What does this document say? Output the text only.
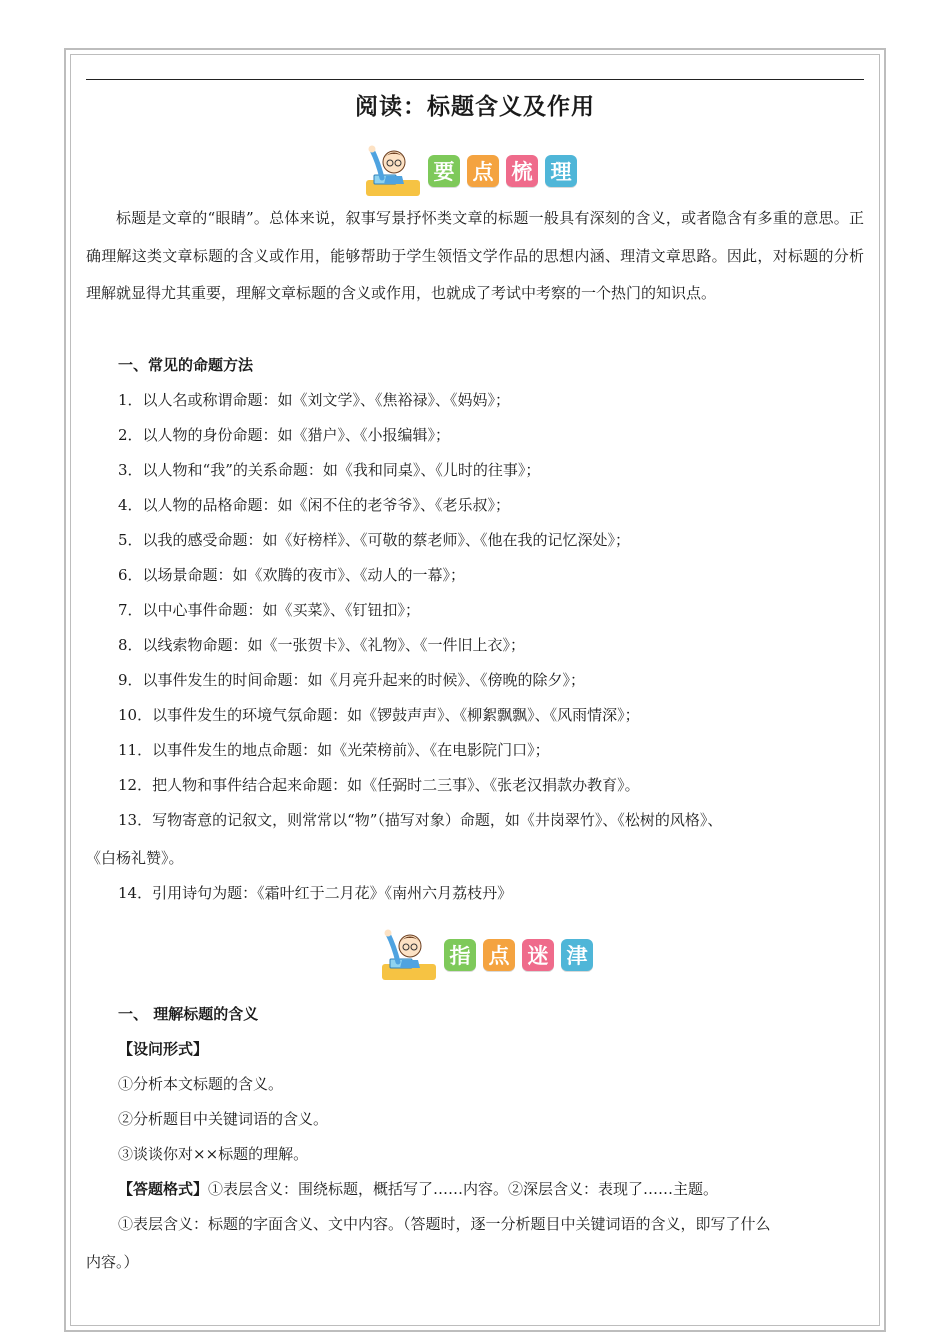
阅读：标题含义及作用
要 点 梳 理

标题是文章的“眼睛”。总体来说，叙事写景抒怀类文章的标题一般具有深刻的含义，或者隐含有多重的意思。正确理解这类文章标题的含义或作用，能够帮助于学生领悟文学作品的思想内涵、理清文章思路。因此，对标题的分析理解就显得尤其重要，理解文章标题的含义或作用，也就成了考试中考察的一个热门的知识点。

一、常见的命题方法
1．以人名或称谓命题：如《刘文学》、《焦裕禄》、《妈妈》；
2．以人物的身份命题：如《猎户》、《小报编辑》；
3．以人物和“我”的关系命题：如《我和同桌》、《儿时的往事》；
4．以人物的品格命题：如《闲不住的老爷爷》、《老乐叔》；
5．以我的感受命题：如《好榜样》、《可敬的蔡老师》、《他在我的记忆深处》；
6．以场景命题：如《欢腾的夜市》、《动人的一幕》；
7．以中心事件命题：如《买菜》、《钉钮扣》；
8．以线索物命题：如《一张贺卡》、《礼物》、《一件旧上衣》；
9．以事件发生的时间命题：如《月亮升起来的时候》、《傍晚的除夕》；
10．以事件发生的环境气氛命题：如《锣鼓声声》、《柳絮飘飘》、《风雨情深》；
11．以事件发生的地点命题：如《光荣榜前》、《在电影院门口》；
12．把人物和事件结合起来命题：如《任弼时二三事》、《张老汉捐款办教育》。
13．写物寄意的记叙文，则常常以“物”（描写对象）命题，如《井岗翠竹》、《松树的风格》、
《白杨礼赞》。
14．引用诗句为题：《霜叶红于二月花》《南州六月荔枝丹》
指 点 迷 津
一、 理解标题的含义
【设问形式】
①分析本文标题的含义。
②分析题目中关键词语的含义。
③谈谈你对××标题的理解。
【答题格式】①表层含义：围绕标题，概括写了……内容。②深层含义：表现了……主题。
①表层含义：标题的字面含义、文中内容。（答题时，逐一分析题目中关键词语的含义，即写了什么
内容。）
